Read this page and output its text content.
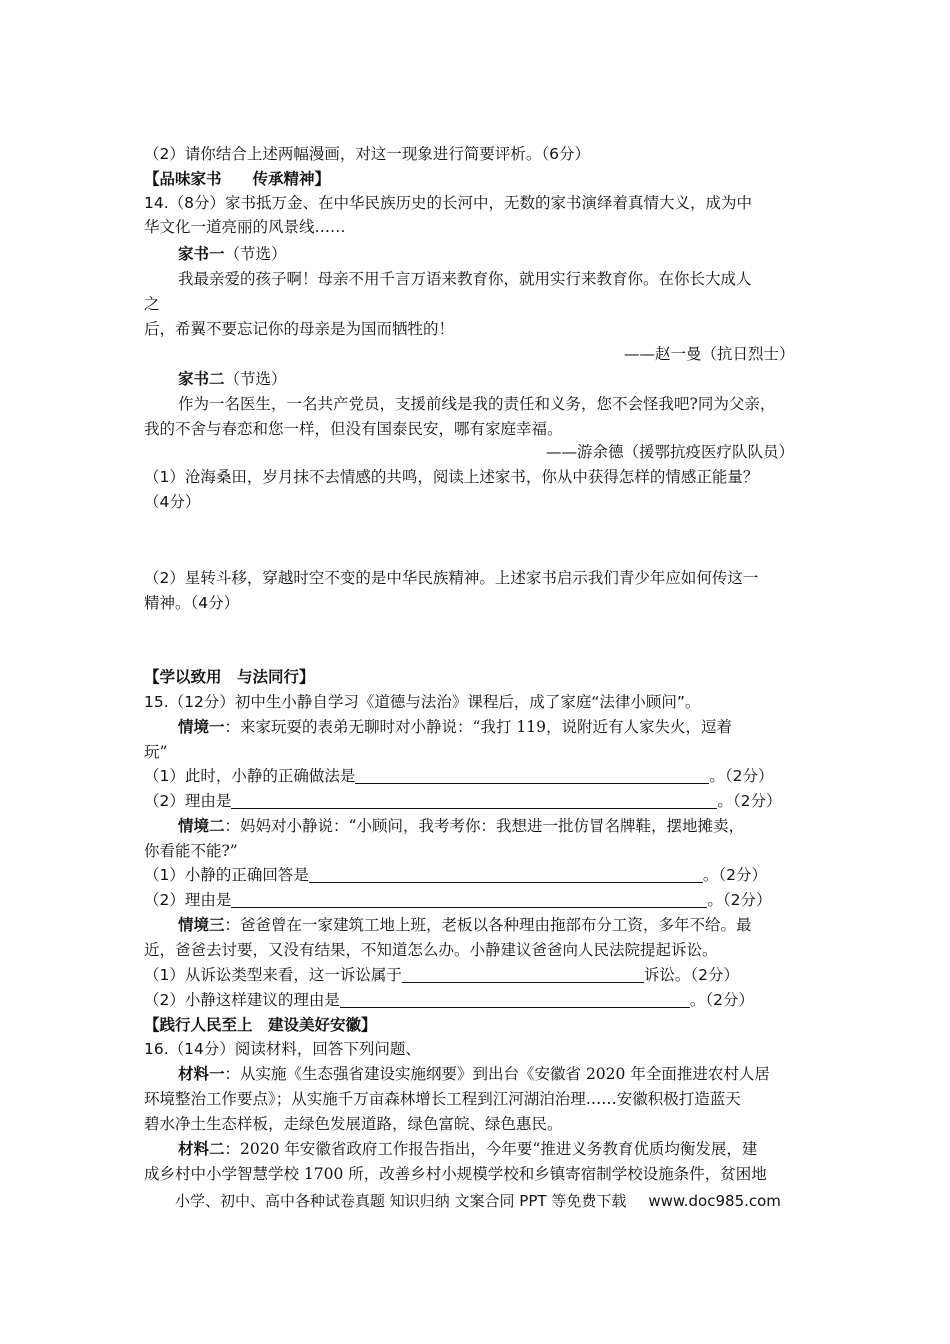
（2）请你结合上述两幅漫画，对这一现象进行简要评析。（6分）
【品味家书　　传承精神】
14.（8分）家书抵万金、在中华民族历史的长河中，无数的家书演绎着真情大义，成为中
华文化一道亮丽的风景线……
家书一（节选）
我最亲爱的孩子啊！母亲不用千言万语来教育你，就用实行来教育你。在你长大成人
之
后，希翼不要忘记你的母亲是为国而牺牲的！
——赵一曼（抗日烈士）
家书二（节选）
作为一名医生，一名共产党员，支援前线是我的责任和义务，您不会怪我吧?同为父亲，
我的不舍与春恋和您一样，但没有国泰民安，哪有家庭幸福。
——游余德（援鄂抗疫医疗队队员）
（1）沧海桑田，岁月抹不去情感的共鸣，阅读上述家书，你从中获得怎样的情感正能量？
（4分）
（2）星转斗移，穿越时空不变的是中华民族精神。上述家书启示我们青少年应如何传这一
精神。（4分）
【学以致用　与法同行】
15.（12分）初中生小静自学习《道德与法治》课程后，成了家庭“法律小顾问”。
情境一：来家玩耍的表弟无聊时对小静说：“我打 119，说附近有人家失火，逗着
玩”
（1）此时，小静的正确做法是	。（2分）
（2）理由是	。（2分）
情境二：妈妈对小静说：“小顾问，我考考你：我想进一批仿冒名牌鞋，摆地摊卖，
你看能不能?”
（1）小静的正确回答是	。（2分）
（2）理由是	。（2分）
情境三：爸爸曾在一家建筑工地上班，老板以各种理由拖部布分工资，多年不给。最
近，爸爸去讨要，又没有结果，不知道怎么办。小静建议爸爸向人民法院提起诉讼。
（1）从诉讼类型来看，这一诉讼属于	诉讼。（2分）
（2）小静这样建议的理由是	。（2分）
【践行人民至上　建设美好安徽】
16.（14分）阅读材料，回答下列问题、
材料一：从实施《生态强省建设实施纲要》到出台《安徽省 2020 年全面推进农村人居
环境整治工作要点》；从实施千万亩森林增长工程到江河湖泊治理……安徽积极打造蓝天
碧水净土生态样板，走绿色发展道路，绿色富皖、绿色惠民。
材料二：2020 年安徽省政府工作报告指出，今年要“推进义务教育优质均衡发展，建
成乡村中小学智慧学校 1700 所，改善乡村小规模学校和乡镇寄宿制学校设施条件，贫困地
小学、初中、高中各种试卷真题 知识归纳 文案合同 PPT 等免费下载 www.doc985.com
